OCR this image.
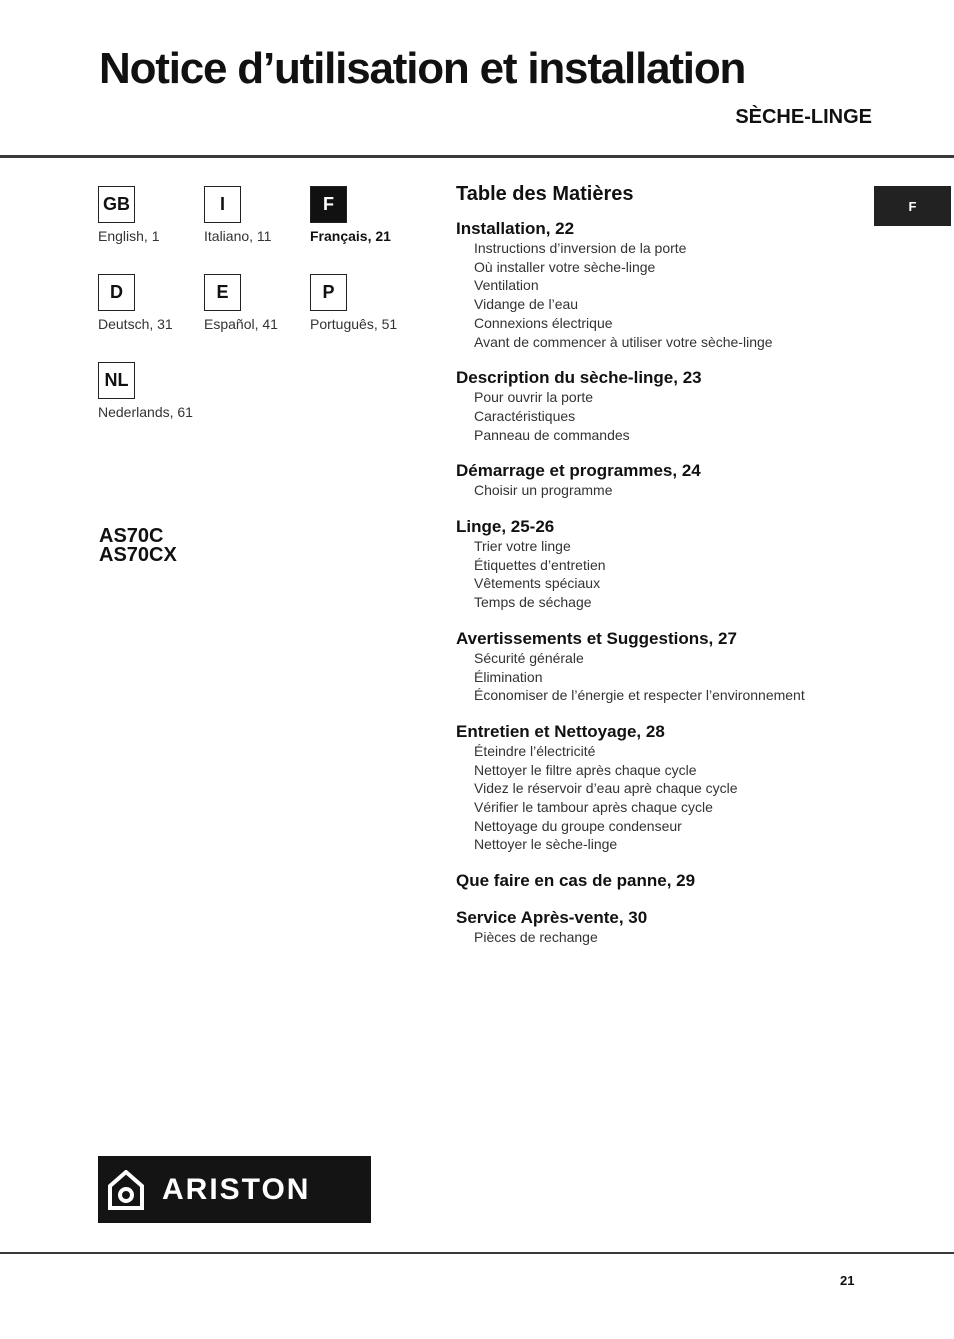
Notice d’utilisation et installation
SÈCHE-LINGE
GB
English, 1
I
Italiano, 11
F
Français, 21
D
Deutsch, 31
E
Español, 41
P
Português, 51
NL
Nederlands, 61
AS70C
AS70CX
F
Table des Matières
Installation, 22
Instructions d’inversion de la porte
Où installer votre sèche-linge
Ventilation
Vidange de l’eau
Connexions électrique
Avant de commencer à utiliser votre sèche-linge
Description du sèche-linge, 23
Pour ouvrir la porte
Caractéristiques
Panneau de commandes
Démarrage et programmes, 24
Choisir un programme
Linge, 25-26
Trier votre linge
Étiquettes d’entretien
Vêtements spéciaux
Temps de séchage
Avertissements et Suggestions, 27
Sécurité générale
Élimination
Économiser de l’énergie et respecter l’environnement
Entretien et Nettoyage, 28
Éteindre l’électricité
Nettoyer le filtre après chaque cycle
Videz le réservoir d’eau aprè chaque cycle
Vérifier le tambour après chaque cycle
Nettoyage du groupe condenseur
Nettoyer le sèche-linge
Que faire en cas de panne, 29
Service Après-vente, 30
Pièces de rechange
ARISTON
21
